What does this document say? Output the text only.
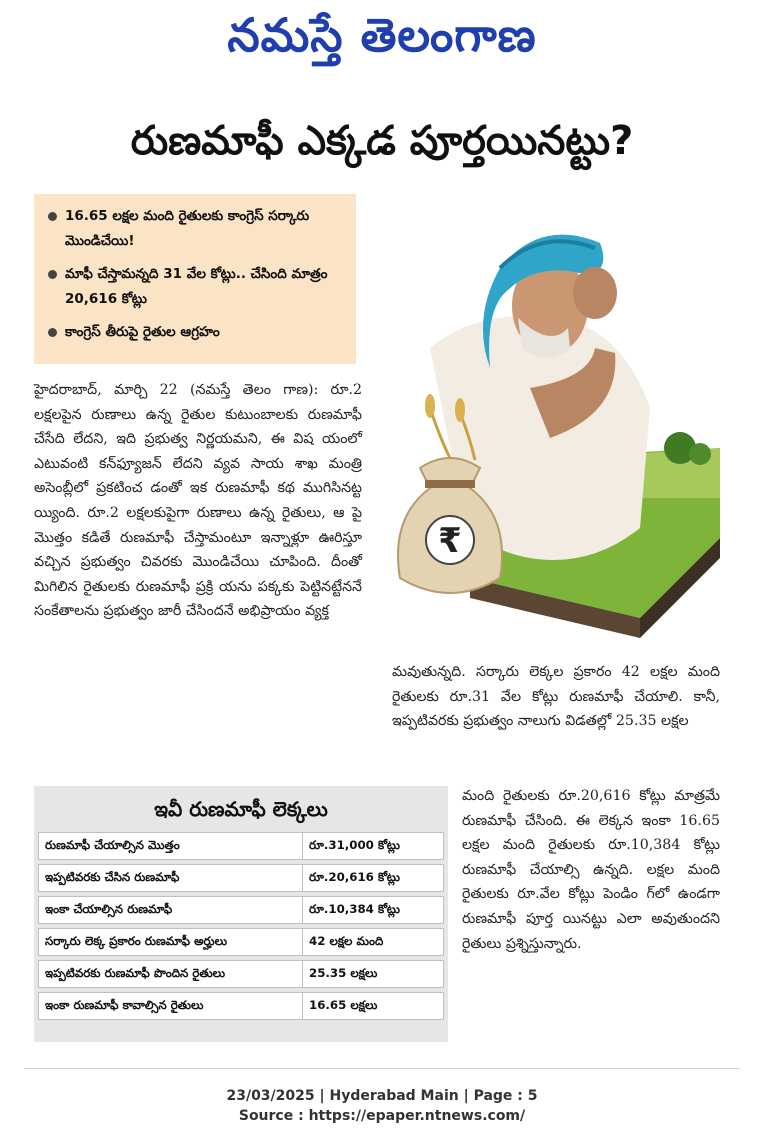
నమస్తే తెలంగాణ
రుణమాఫీ ఎక్కడ పూర్తయినట్టు?
16.65 లక్షల మంది రైతులకు కాంగ్రెస్ సర్కారు మొండిచేయి!
మాఫీ చేస్తామన్నది 31 వేల కోట్లు.. చేసింది మాత్రం 20,616 కోట్లు
కాంగ్రెస్ తీరుపై రైతుల ఆగ్రహం
₹
హైదరాబాద్, మార్చి 22 (నమస్తే తెలం గాణ): రూ.2 లక్షలపైన రుణాలు ఉన్న రైతుల కుటుంబాలకు రుణమాఫీ చేసేది లేదని, ఇది ప్రభుత్వ నిర్ణయమని, ఈ విష యంలో ఎటువంటి కన్‌ఫ్యూజన్ లేదని వ్యవ సాయ శాఖ మంత్రి అసెంబ్లీలో ప్రకటించ డంతో ఇక రుణమాఫీ కథ ముగిసినట్ట య్యింది. రూ.2 లక్షలకుపైగా రుణాలు ఉన్న రైతులు, ఆ పై మొత్తం కడితే రుణమాఫీ చేస్తామంటూ ఇన్నాళ్లూ ఊరిస్తూ వచ్చిన ప్రభుత్వం చివరకు మొండిచేయి చూపింది. దీంతో మిగిలిన రైతులకు రుణమాఫీ ప్రక్రి యను పక్కకు పెట్టినట్టేననే సంకేతాలను ప్రభుత్వం జారీ చేసిందనే అభిప్రాయం వ్యక్త
మవుతున్నది. సర్కారు లెక్కల ప్రకారం 42 లక్షల మంది రైతులకు రూ.31 వేల కోట్లు రుణమాఫీ చేయాలి. కానీ, ఇప్పటివరకు ప్రభుత్వం నాలుగు విడతల్లో 25.35 లక్షల
మంది రైతులకు రూ.20,616 కోట్లు మాత్రమే రుణమాఫీ చేసింది. ఈ లెక్కన ఇంకా 16.65 లక్షల మంది రైతులకు రూ.10,384 కోట్లు రుణమాఫీ చేయాల్సి ఉన్నది. లక్షల మంది రైతులకు రూ.వేల కోట్లు పెండిం గ్‌లో ఉండగా రుణమాఫీ పూర్త యినట్టు ఎలా అవుతుందని రైతులు ప్రశ్నిస్తున్నారు.
ఇవీ రుణమాఫీ లెక్కలు
రుణమాఫీ చేయాల్సిన మొత్తం	రూ.31,000 కోట్లు

ఇప్పటివరకు చేసిన రుణమాఫీ	రూ.20,616 కోట్లు

ఇంకా చేయాల్సిన రుణమాఫీ	రూ.10,384 కోట్లు

సర్కారు లెక్క ప్రకారం రుణమాఫీ అర్హులు	42 లక్షల మంది

ఇప్పటివరకు రుణమాఫీ పొందిన రైతులు	25.35 లక్షలు

ఇంకా రుణమాఫీ కావాల్సిన రైతులు	16.65 లక్షలు
23/03/2025 | Hyderabad Main | Page : 5
Source : https://epaper.ntnews.com/
